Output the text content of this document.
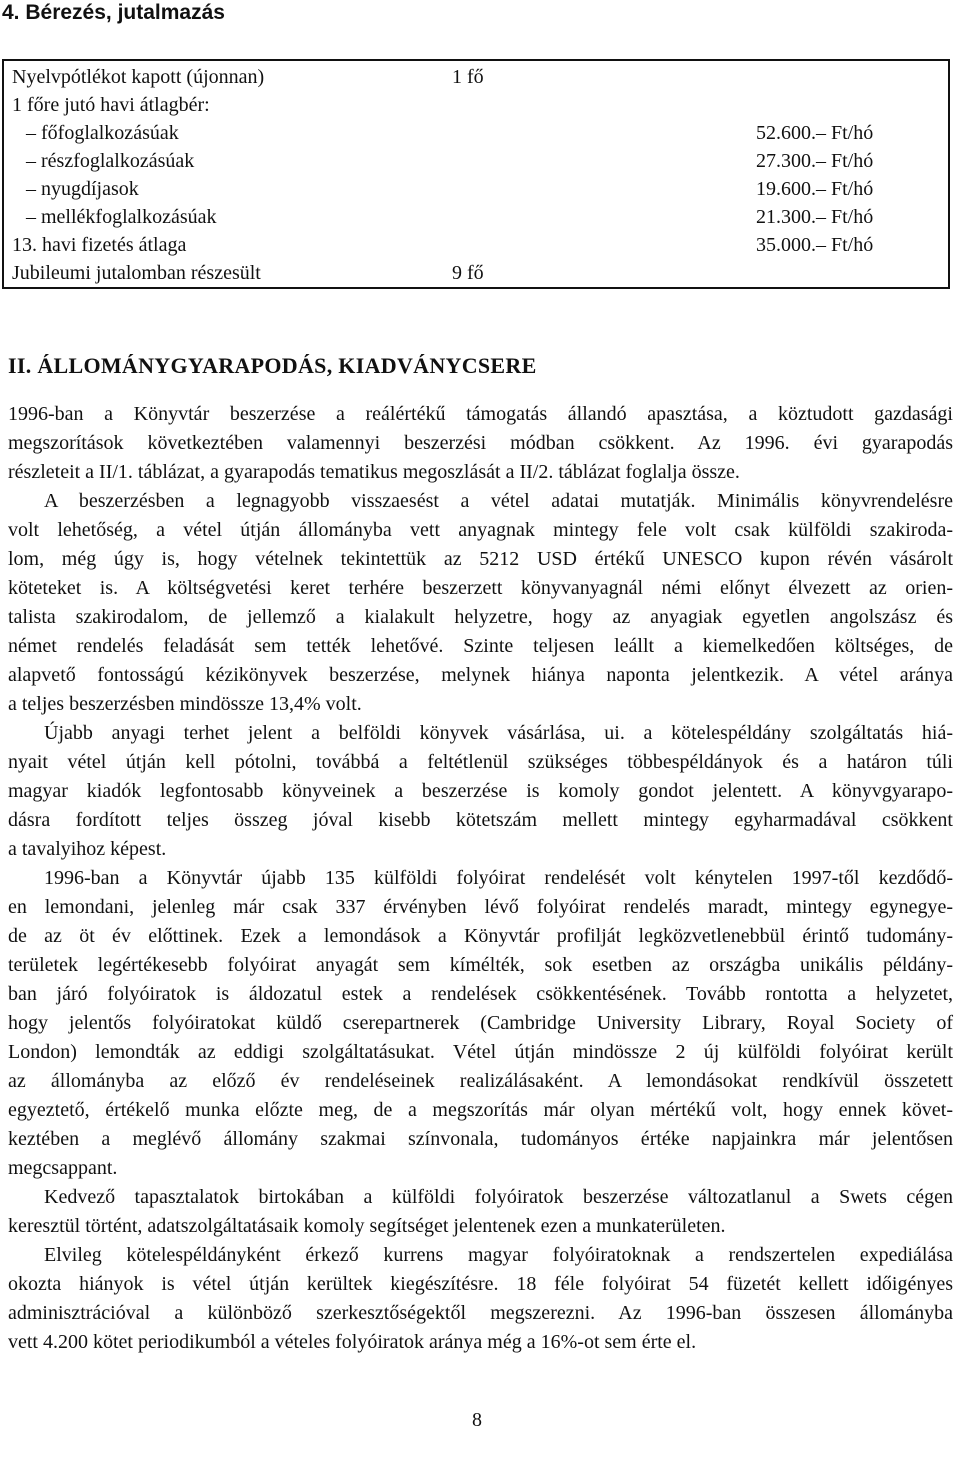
4. Bérezés, jutalmazás
Nyelvpótlékot kapott (újonnan)	1 fő
1 főre jutó havi átlagbér:
– főfoglalkozásúak	52.600.– Ft/hó
– részfoglalkozásúak	27.300.– Ft/hó
– nyugdíjasok	19.600.– Ft/hó
– mellékfoglalkozásúak	21.300.– Ft/hó
13. havi fizetés átlaga	35.000.– Ft/hó
Jubileumi jutalomban részesült	9 fő
II. ÁLLOMÁNYGYARAPODÁS, KIADVÁNYCSERE
1996-ban a Könyvtár beszerzése a reálértékű támogatás állandó apasztása, a köztudott gazdasági
megszorítások következtében valamennyi beszerzési módban csökkent. Az 1996. évi gyarapodás
részleteit a II/1. táblázat, a gyarapodás tematikus megoszlását a II/2. táblázat foglalja össze.
A beszerzésben a legnagyobb visszaesést a vétel adatai mutatják. Minimális könyvrendelésre
volt lehetőség, a vétel útján állományba vett anyagnak mintegy fele volt csak külföldi szakiroda-
lom, még úgy is, hogy vételnek tekintettük az 5212 USD értékű UNESCO kupon révén vásárolt
köteteket is. A költségvetési keret terhére beszerzett könyvanyagnál némi előnyt élvezett az orien-
talista szakirodalom, de jellemző a kialakult helyzetre, hogy az anyagiak egyetlen angolszász és
német rendelés feladását sem tették lehetővé. Szinte teljesen leállt a kiemelkedően költséges, de
alapvető fontosságú kézikönyvek beszerzése, melynek hiánya naponta jelentkezik. A vétel aránya
a teljes beszerzésben mindössze 13,4% volt.
Újabb anyagi terhet jelent a belföldi könyvek vásárlása, ui. a kötelespéldány szolgáltatás hiá-
nyait vétel útján kell pótolni, továbbá a feltétlenül szükséges többespéldányok és a határon túli
magyar kiadók legfontosabb könyveinek a beszerzése is komoly gondot jelentett. A könyvgyarapo-
dásra fordított teljes összeg jóval kisebb kötetszám mellett mintegy egyharmadával csökkent
a tavalyihoz képest.
1996-ban a Könyvtár újabb 135 külföldi folyóirat rendelését volt kénytelen 1997-től kezdődő-
en lemondani, jelenleg már csak 337 érvényben lévő folyóirat rendelés maradt, mintegy egynegye-
de az öt év előttinek. Ezek a lemondások a Könyvtár profilját legközvetlenebbül érintő tudomány-
területek legértékesebb folyóirat anyagát sem kímélték, sok esetben az országba unikális példány-
ban járó folyóiratok is áldozatul estek a rendelések csökkentésének. Tovább rontotta a helyzetet,
hogy jelentős folyóiratokat küldő cserepartnerek (Cambridge University Library, Royal Society of
London) lemondták az eddigi szolgáltatásukat. Vétel útján mindössze 2 új külföldi folyóirat került
az állományba az előző év rendeléseinek realizálásaként. A lemondásokat rendkívül összetett
egyeztető, értékelő munka előzte meg, de a megszorítás már olyan mértékű volt, hogy ennek követ-
keztében a meglévő állomány szakmai színvonala, tudományos értéke napjainkra már jelentősen
megcsappant.
Kedvező tapasztalatok birtokában a külföldi folyóiratok beszerzése változatlanul a Swets cégen
keresztül történt, adatszolgáltatásaik komoly segítséget jelentenek ezen a munkaterületen.
Elvileg kötelespéldányként érkező kurrens magyar folyóiratoknak a rendszertelen expediálása
okozta hiányok is vétel útján kerültek kiegészítésre. 18 féle folyóirat 54 füzetét kellett időigényes
adminisztrációval a különböző szerkesztőségektől megszerezni. Az 1996-ban összesen állományba
vett 4.200 kötet periodikumból a vételes folyóiratok aránya még a 16%-ot sem érte el.
8
